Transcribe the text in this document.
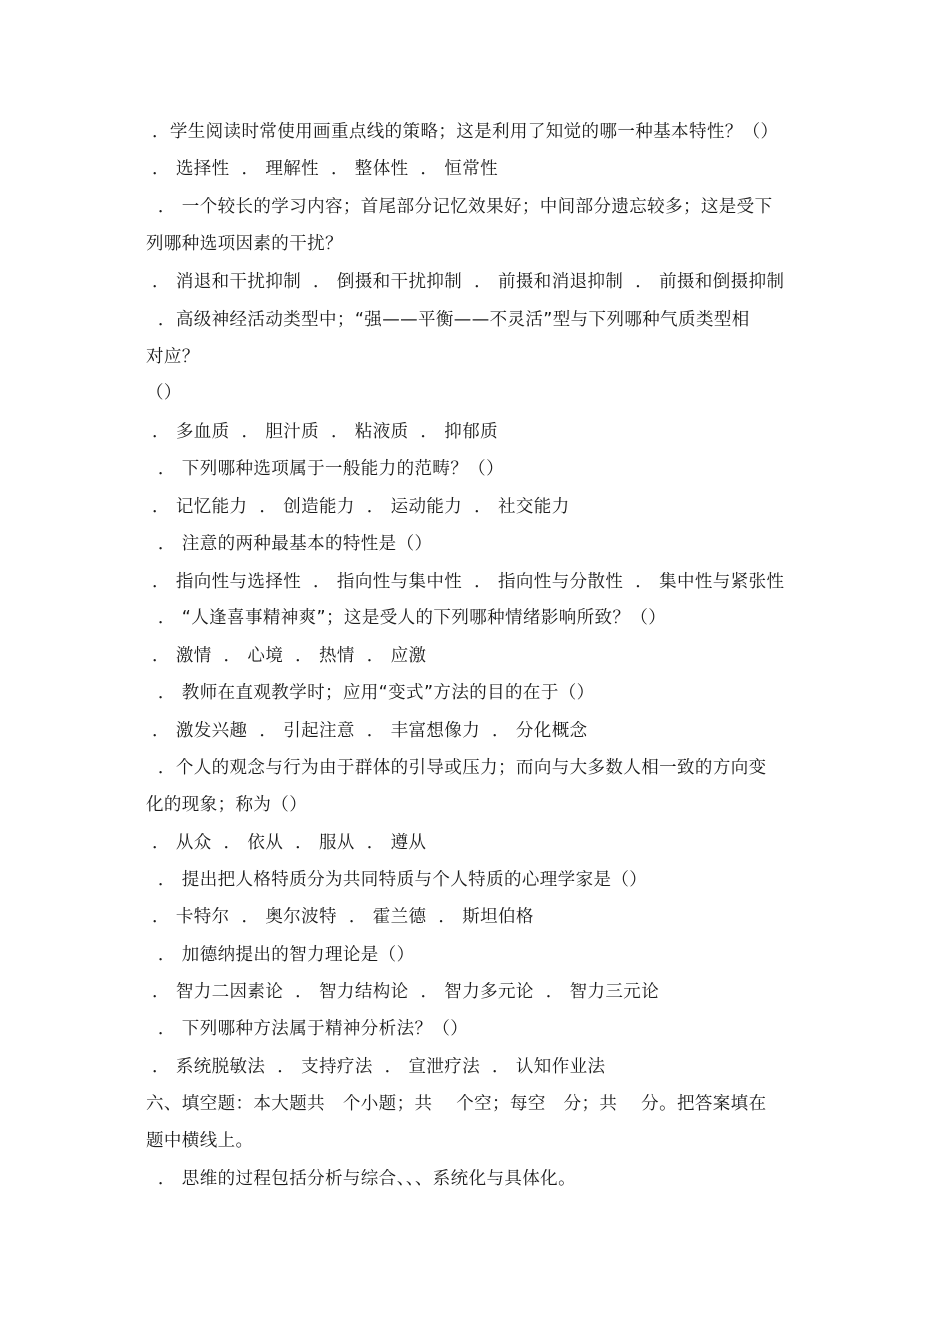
．学生阅读时常使用画重点线的策略；这是利用了知觉的哪一种基本特性？（）
． 选择性  ． 理解性  ． 整体性  ． 恒常性
． 一个较长的学习内容；首尾部分记忆效果好；中间部分遗忘较多；这是受下
列哪种选项因素的干扰？
． 消退和干扰抑制  ． 倒摄和干扰抑制  ． 前摄和消退抑制  ． 前摄和倒摄抑制
．高级神经活动类型中；“强——平衡——不灵活”型与下列哪种气质类型相
对应？
（）
． 多血质  ． 胆汁质  ． 粘液质  ． 抑郁质
． 下列哪种选项属于一般能力的范畴？（）
． 记忆能力  ． 创造能力  ． 运动能力  ． 社交能力
． 注意的两种最基本的特性是（）
． 指向性与选择性  ． 指向性与集中性  ． 指向性与分散性  ． 集中性与紧张性
． “人逢喜事精神爽”；这是受人的下列哪种情绪影响所致？（）
． 激情  ． 心境  ． 热情  ． 应激
． 教师在直观教学时；应用“变式”方法的目的在于（）
． 激发兴趣  ． 引起注意  ． 丰富想像力  ． 分化概念
．个人的观念与行为由于群体的引导或压力；而向与大多数人相一致的方向变
化的现象；称为（）
． 从众  ． 依从  ． 服从  ． 遵从
． 提出把人格特质分为共同特质与个人特质的心理学家是（）
． 卡特尔  ． 奥尔波特  ． 霍兰德  ． 斯坦伯格
． 加德纳提出的智力理论是（）
． 智力二因素论  ． 智力结构论  ． 智力多元论  ． 智力三元论
． 下列哪种方法属于精神分析法？（）
． 系统脱敏法  ． 支持疗法  ． 宣泄疗法  ． 认知作业法
六、填空题：本大题共   个小题；共    个空；每空   分；共    分。把答案填在
题中横线上。
． 思维的过程包括分析与综合、、、系统化与具体化。
